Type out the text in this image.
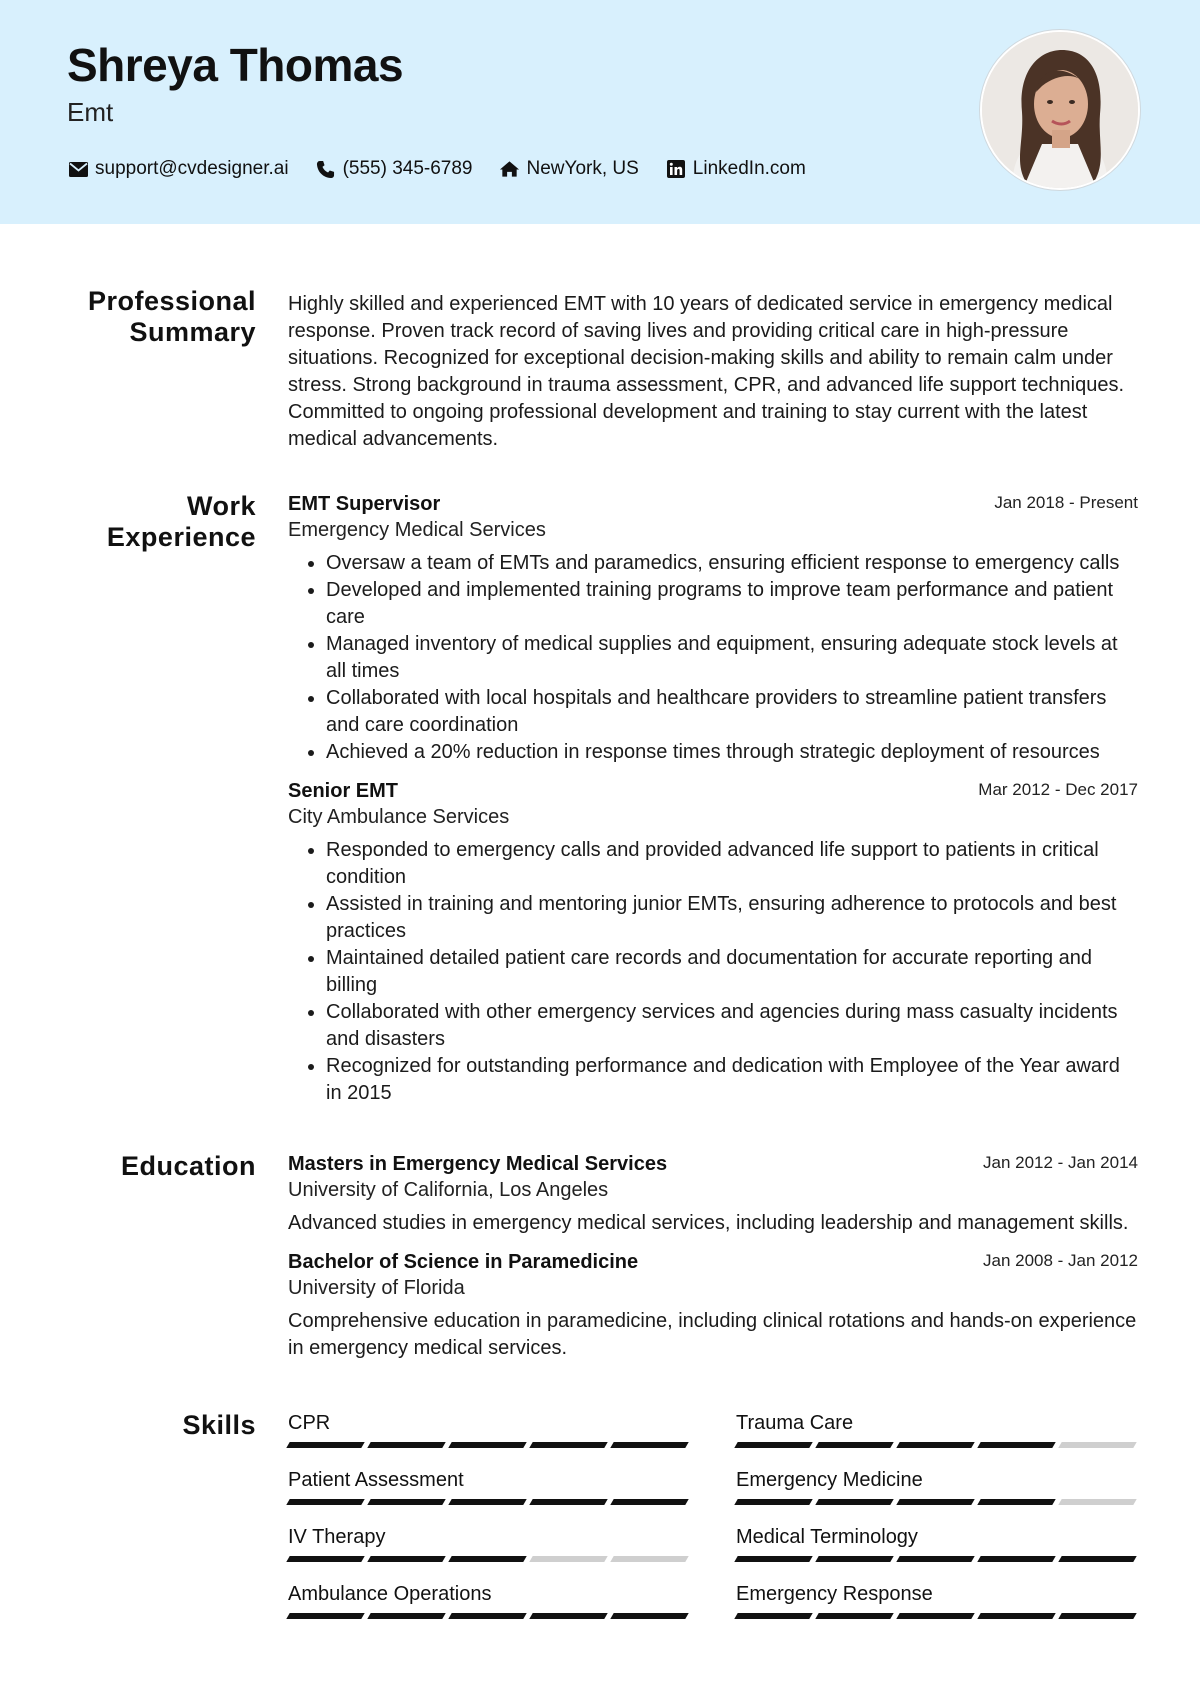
Shreya Thomas
Emt
support@cvdesigner.ai	(555) 345-6789	NewYork, US	LinkedIn.com
Professional
Summary
Highly skilled and experienced EMT with 10 years of dedicated service in emergency medical response. Proven track record of saving lives and providing critical care in high-pressure situations. Recognized for exceptional decision-making skills and ability to remain calm under stress. Strong background in trauma assessment, CPR, and advanced life support techniques. Committed to ongoing professional development and training to stay current with the latest medical advancements.
Work
Experience
EMT Supervisor	Jan 2018 - Present
Emergency Medical Services
• Oversaw a team of EMTs and paramedics, ensuring efficient response to emergency calls
• Developed and implemented training programs to improve team performance and patient care
• Managed inventory of medical supplies and equipment, ensuring adequate stock levels at all times
• Collaborated with local hospitals and healthcare providers to streamline patient transfers and care coordination
• Achieved a 20% reduction in response times through strategic deployment of resources
Senior EMT	Mar 2012 - Dec 2017
City Ambulance Services
• Responded to emergency calls and provided advanced life support to patients in critical condition
• Assisted in training and mentoring junior EMTs, ensuring adherence to protocols and best practices
• Maintained detailed patient care records and documentation for accurate reporting and billing
• Collaborated with other emergency services and agencies during mass casualty incidents and disasters
• Recognized for outstanding performance and dedication with Employee of the Year award in 2015
Education Masters in Emergency Medical Services	Jan 2012 - Jan 2014
University of California, Los Angeles
Advanced studies in emergency medical services, including leadership and management skills.
Bachelor of Science in Paramedicine	Jan 2008 - Jan 2012
University of Florida
Comprehensive education in paramedicine, including clinical rotations and hands-on experience in emergency medical services.
Skills CPR	Trauma Care
Patient Assessment	Emergency Medicine
IV Therapy	Medical Terminology
Ambulance Operations	Emergency Response
